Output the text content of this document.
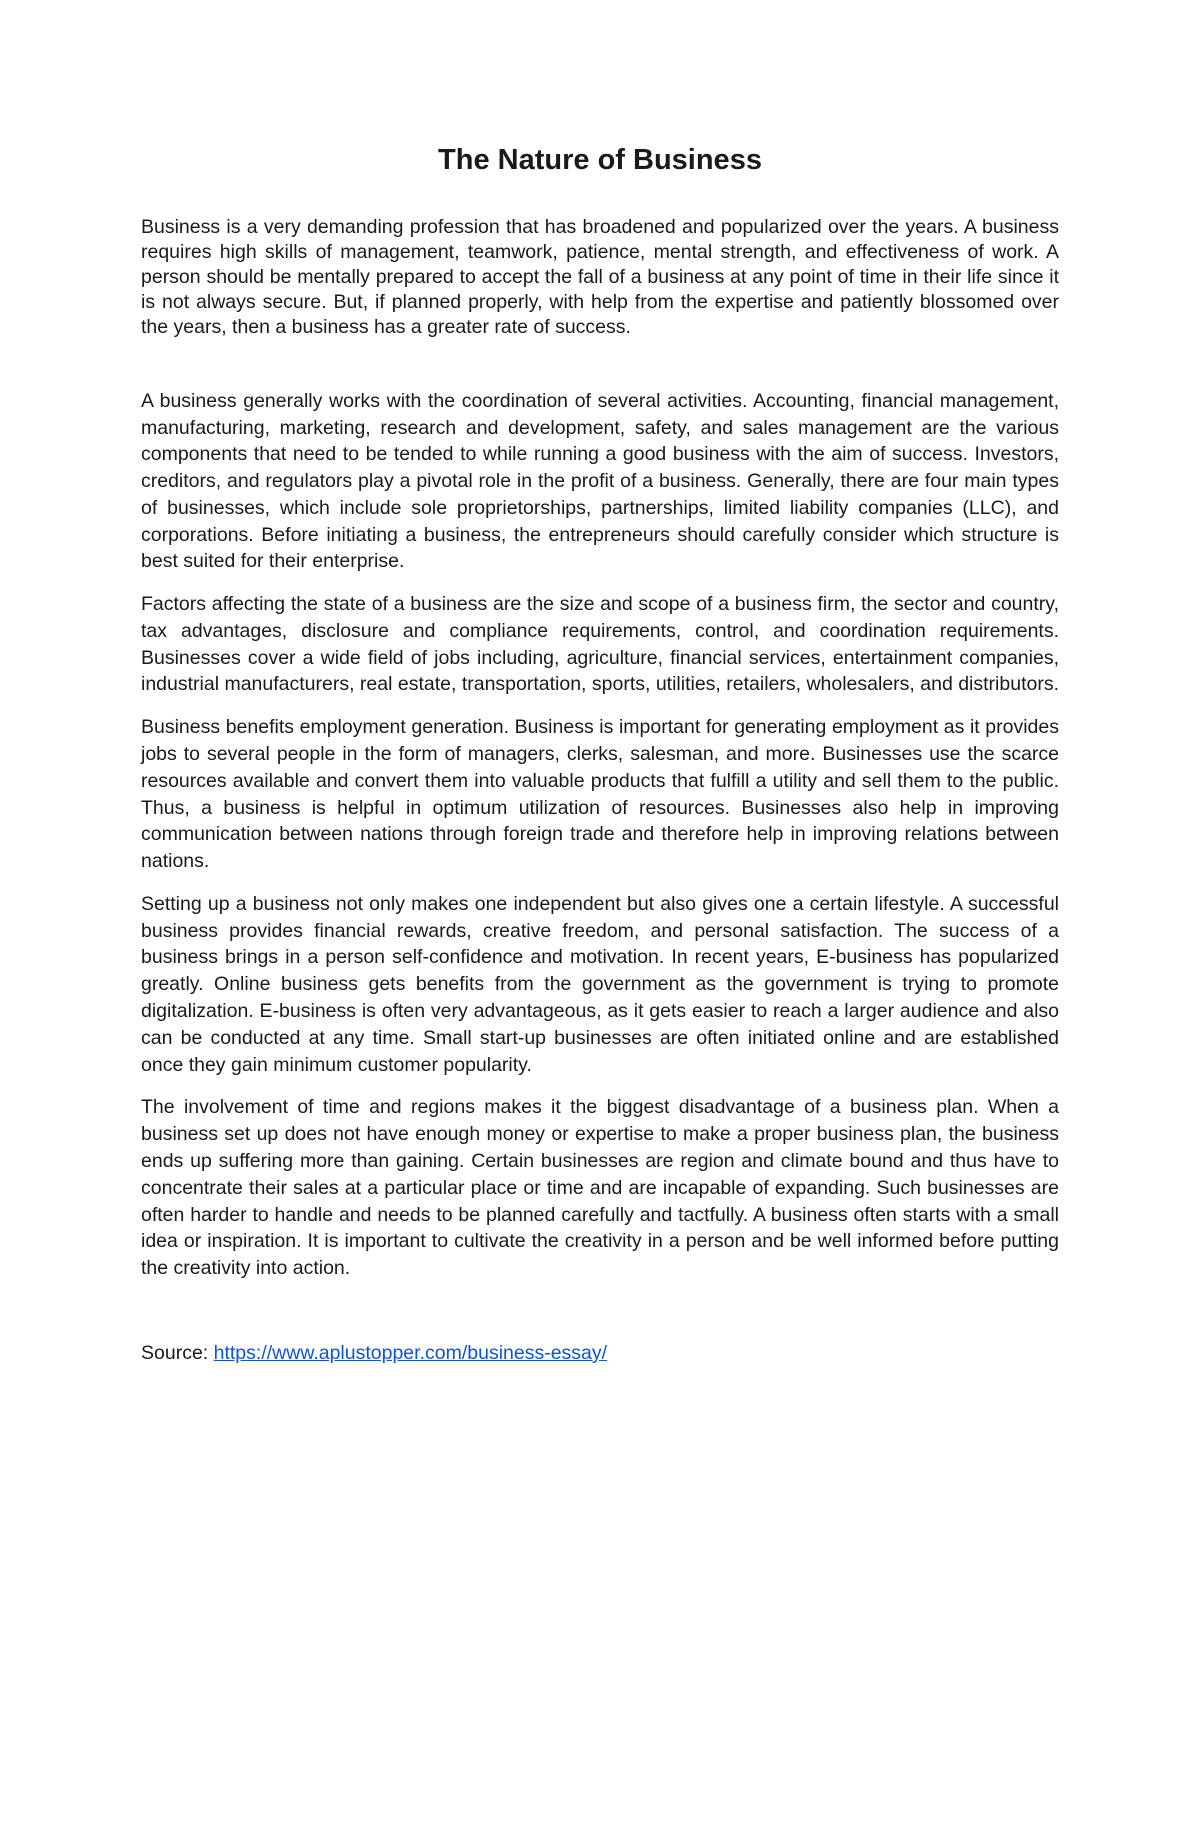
The Nature of Business

Business is a very demanding profession that has broadened and popularized over the years. A business requires high skills of management, teamwork, patience, mental strength, and effectiveness of work. A person should be mentally prepared to accept the fall of a business at any point of time in their life since it is not always secure. But, if planned properly, with help from the expertise and patiently blossomed over the years, then a business has a greater rate of success.

A business generally works with the coordination of several activities. Accounting, financial management, manufacturing, marketing, research and development, safety, and sales management are the various components that need to be tended to while running a good business with the aim of success. Investors, creditors, and regulators play a pivotal role in the profit of a business. Generally, there are four main types of businesses, which include sole proprietorships, partnerships, limited liability companies (LLC), and corporations. Before initiating a business, the entrepreneurs should carefully consider which structure is best suited for their enterprise.

Factors affecting the state of a business are the size and scope of a business firm, the sector and country, tax advantages, disclosure and compliance requirements, control, and coordination requirements. Businesses cover a wide field of jobs including, agriculture, financial services, entertainment companies, industrial manufacturers, real estate, transportation, sports, utilities, retailers, wholesalers, and distributors.

Business benefits employment generation. Business is important for generating employment as it provides jobs to several people in the form of managers, clerks, salesman, and more. Businesses use the scarce resources available and convert them into valuable products that fulfill a utility and sell them to the public. Thus, a business is helpful in optimum utilization of resources. Businesses also help in improving communication between nations through foreign trade and therefore help in improving relations between nations.

Setting up a business not only makes one independent but also gives one a certain lifestyle. A successful business provides financial rewards, creative freedom, and personal satisfaction. The success of a business brings in a person self-confidence and motivation. In recent years, E-business has popularized greatly. Online business gets benefits from the government as the government is trying to promote digitalization. E-business is often very advantageous, as it gets easier to reach a larger audience and also can be conducted at any time. Small start-up businesses are often initiated online and are established once they gain minimum customer popularity.

The involvement of time and regions makes it the biggest disadvantage of a business plan. When a business set up does not have enough money or expertise to make a proper business plan, the business ends up suffering more than gaining. Certain businesses are region and climate bound and thus have to concentrate their sales at a particular place or time and are incapable of expanding. Such businesses are often harder to handle and needs to be planned carefully and tactfully. A business often starts with a small idea or inspiration. It is important to cultivate the creativity in a person and be well informed before putting the creativity into action.

Source: https://www.aplustopper.com/business-essay/
